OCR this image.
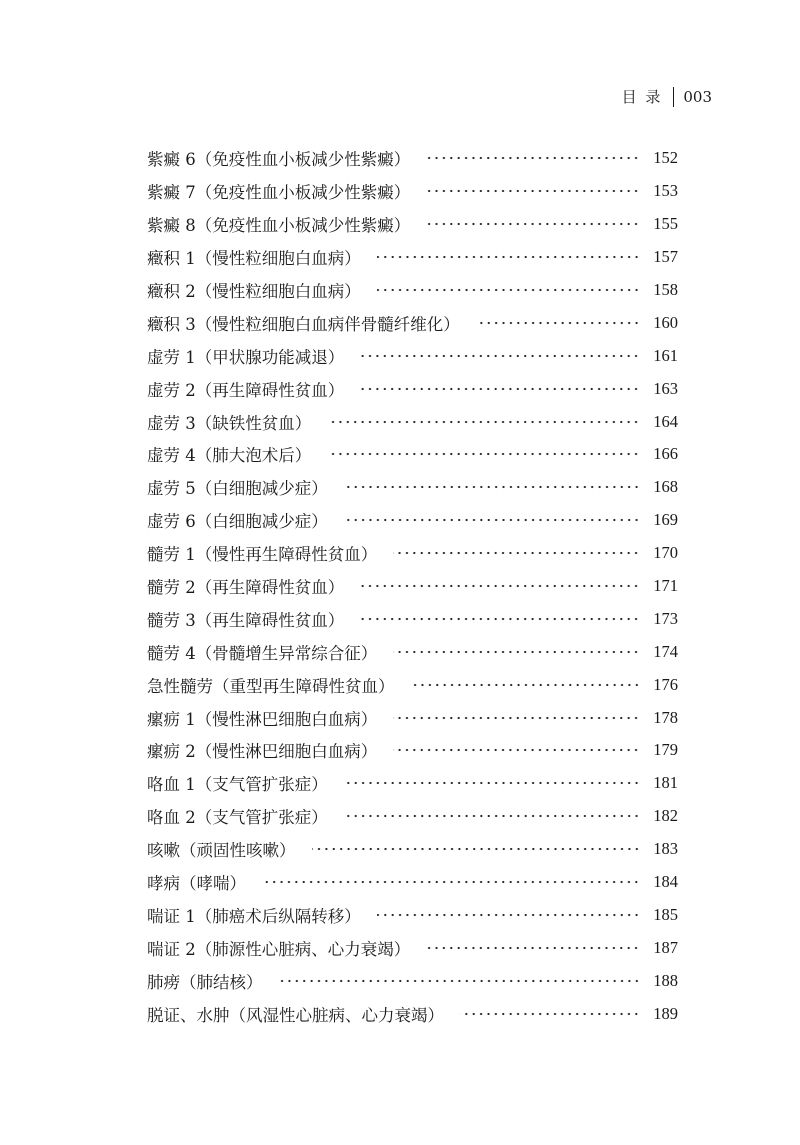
目 录 003
紫癜 6（免疫性血小板减少性紫癜）	152
紫癜 7（免疫性血小板减少性紫癜）	153
紫癜 8（免疫性血小板减少性紫癜）	155
癥积 1（慢性粒细胞白血病）	157
癥积 2（慢性粒细胞白血病）	158
癥积 3（慢性粒细胞白血病伴骨髓纤维化）	160
虚劳 1（甲状腺功能减退）	161
虚劳 2（再生障碍性贫血）	163
虚劳 3（缺铁性贫血）	164
虚劳 4（肺大泡术后）	166
虚劳 5（白细胞减少症）	168
虚劳 6（白细胞减少症）	169
髓劳 1（慢性再生障碍性贫血）	170
髓劳 2（再生障碍性贫血）	171
髓劳 3（再生障碍性贫血）	173
髓劳 4（骨髓增生异常综合征）	174
急性髓劳（重型再生障碍性贫血）	176
瘰疬 1（慢性淋巴细胞白血病）	178
瘰疬 2（慢性淋巴细胞白血病）	179
咯血 1（支气管扩张症）	181
咯血 2（支气管扩张症）	182
咳嗽（顽固性咳嗽）	183
哮病（哮喘）	184
喘证 1（肺癌术后纵隔转移）	185
喘证 2（肺源性心脏病、心力衰竭）	187
肺痨（肺结核）	188
脱证、水肿（风湿性心脏病、心力衰竭）	189
